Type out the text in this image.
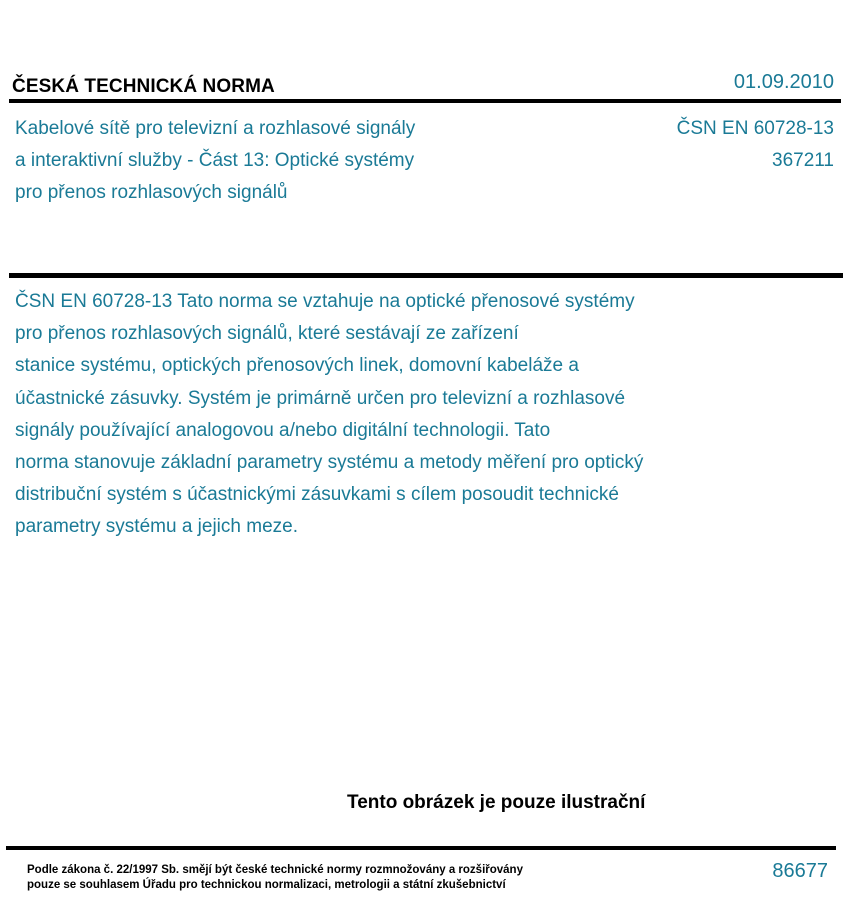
ČESKÁ TECHNICKÁ NORMA	01.09.2010
Kabelové sítě pro televizní a rozhlasové signály
a interaktivní služby - Část 13: Optické systémy
pro přenos rozhlasových signálů
ČSN EN 60728-13
367211

ČSN EN 60728-13 Tato norma se vztahuje na optické přenosové systémy

pro přenos rozhlasových signálů, které sestávají ze zařízení

stanice systému, optických přenosových linek, domovní kabeláže a

účastnické zásuvky. Systém je primárně určen pro televizní a rozhlasové

signály používající analogovou a/nebo digitální technologii. Tato

norma stanovuje základní parametry systému a metody měření pro optický

distribuční systém s účastnickými zásuvkami s cílem posoudit technické

parametry systému a jejich meze.

Tento obrázek je pouze ilustrační

Podle zákona č. 22/1997 Sb. smějí být české technické normy rozmnožovány a rozšiřovány

pouze se souhlasem Úřadu pro technickou normalizaci, metrologii a státní zkušebnictví

86677
